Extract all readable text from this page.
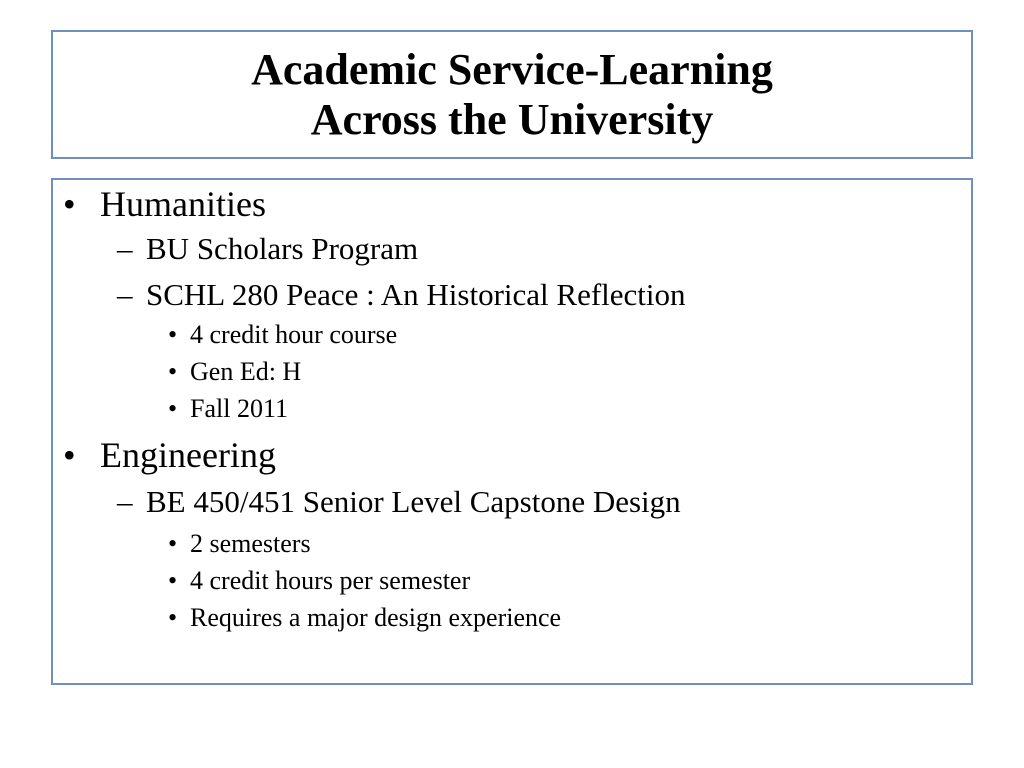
Academic Service-Learning
Across the University
• Humanities
– BU Scholars Program
– SCHL 280 Peace : An Historical Reflection
• 4 credit hour course
• Gen Ed: H
• Fall 2011
• Engineering
– BE 450/451 Senior Level Capstone Design
• 2 semesters
• 4 credit hours per semester
• Requires a major design experience
